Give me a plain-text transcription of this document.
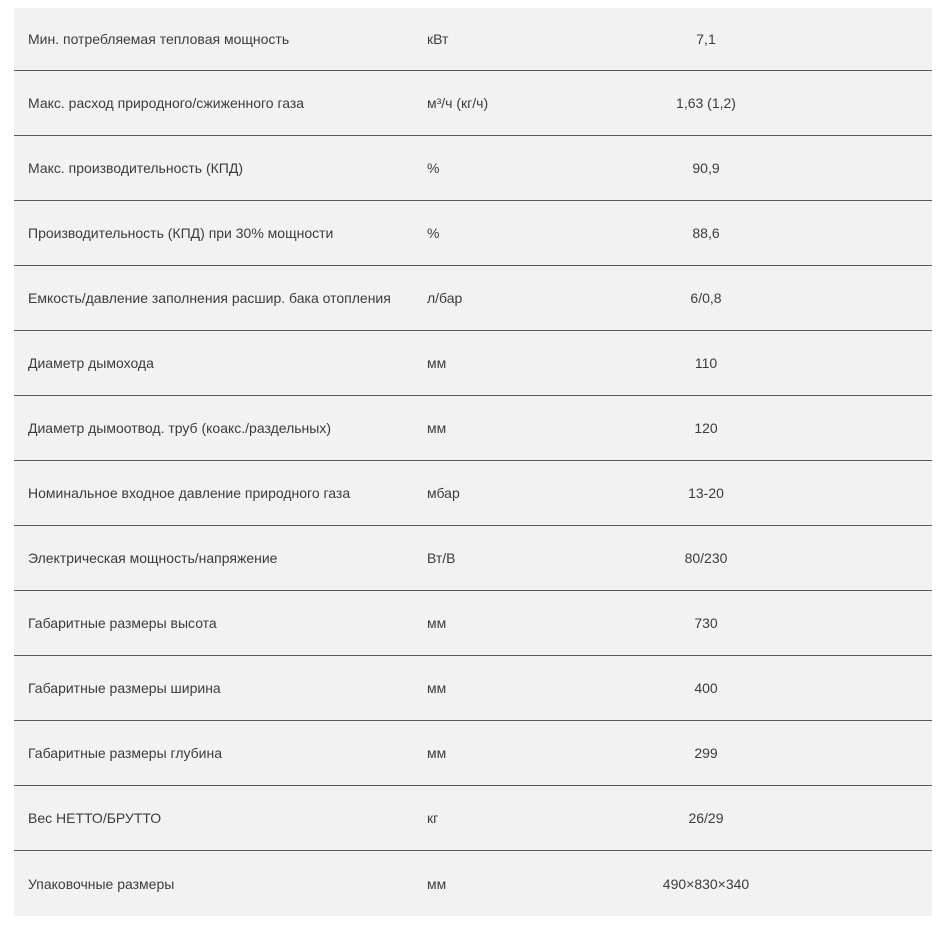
Мин. потребляемая тепловая мощность	кВт	7,1
Макс. расход природного/сжиженного газа	м³/ч (кг/ч)	1,63 (1,2)
Макс. производительность (КПД)	%	90,9
Производительность (КПД) при 30% мощности	%	88,6
Емкость/давление заполнения расшир. бака отопления	л/бар	6/0,8
Диаметр дымохода	мм	110
Диаметр дымоотвод. труб (коакс./раздельных)	мм	120
Номинальное входное давление природного газа	мбар	13-20
Электрическая мощность/напряжение	Вт/В	80/230
Габаритные размеры высота	мм	730
Габаритные размеры ширина	мм	400
Габаритные размеры глубина	мм	299
Вес НЕТТО/БРУТТО	кг	26/29
Упаковочные размеры	мм	490×830×340
